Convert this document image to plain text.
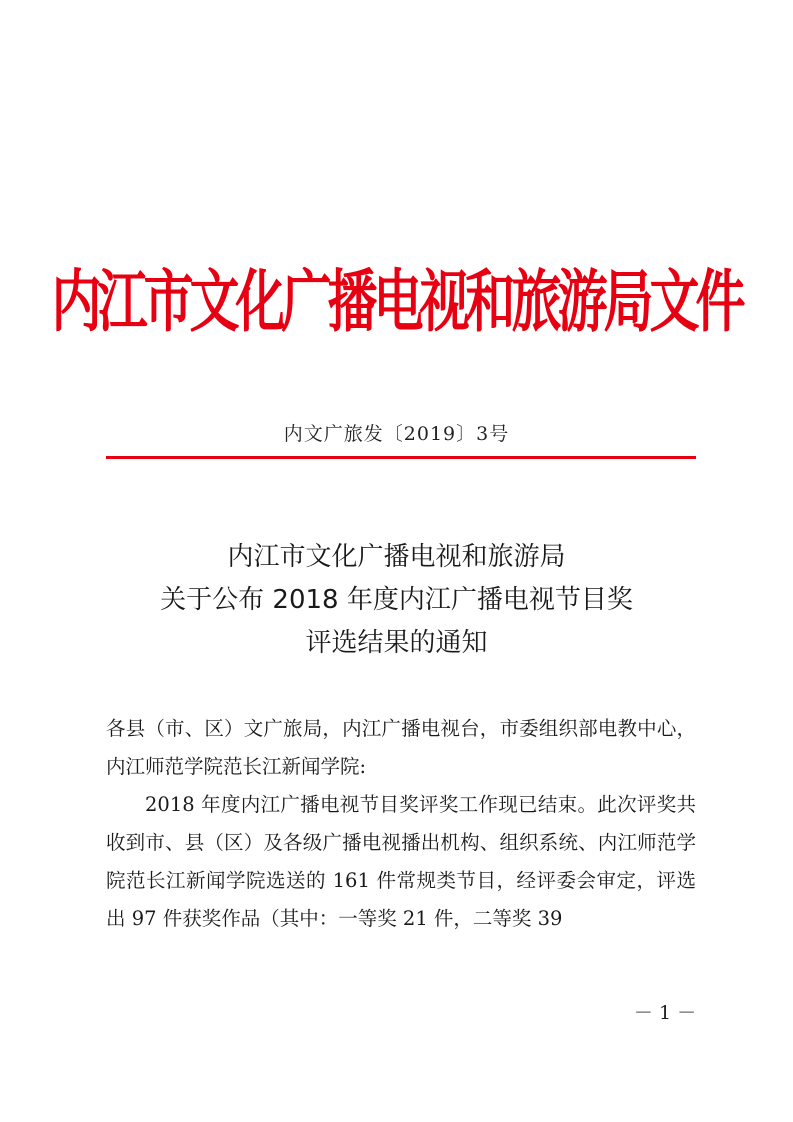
内江市文化广播电视和旅游局文件
内文广旅发〔2019〕3号
内江市文化广播电视和旅游局
关于公布 2018 年度内江广播电视节目奖
评选结果的通知

各县（市、区）文广旅局，内江广播电视台，市委组织部电教中心，内江师范学院范长江新闻学院:

2018 年度内江广播电视节目奖评奖工作现已结束。此次评奖共收到市、县（区）及各级广播电视播出机构、组织系统、内江师范学院范长江新闻学院选送的 161 件常规类节目，经评委会审定，评选出 97 件获奖作品（其中：一等奖 21 件，二等奖 39

－ 1 －
